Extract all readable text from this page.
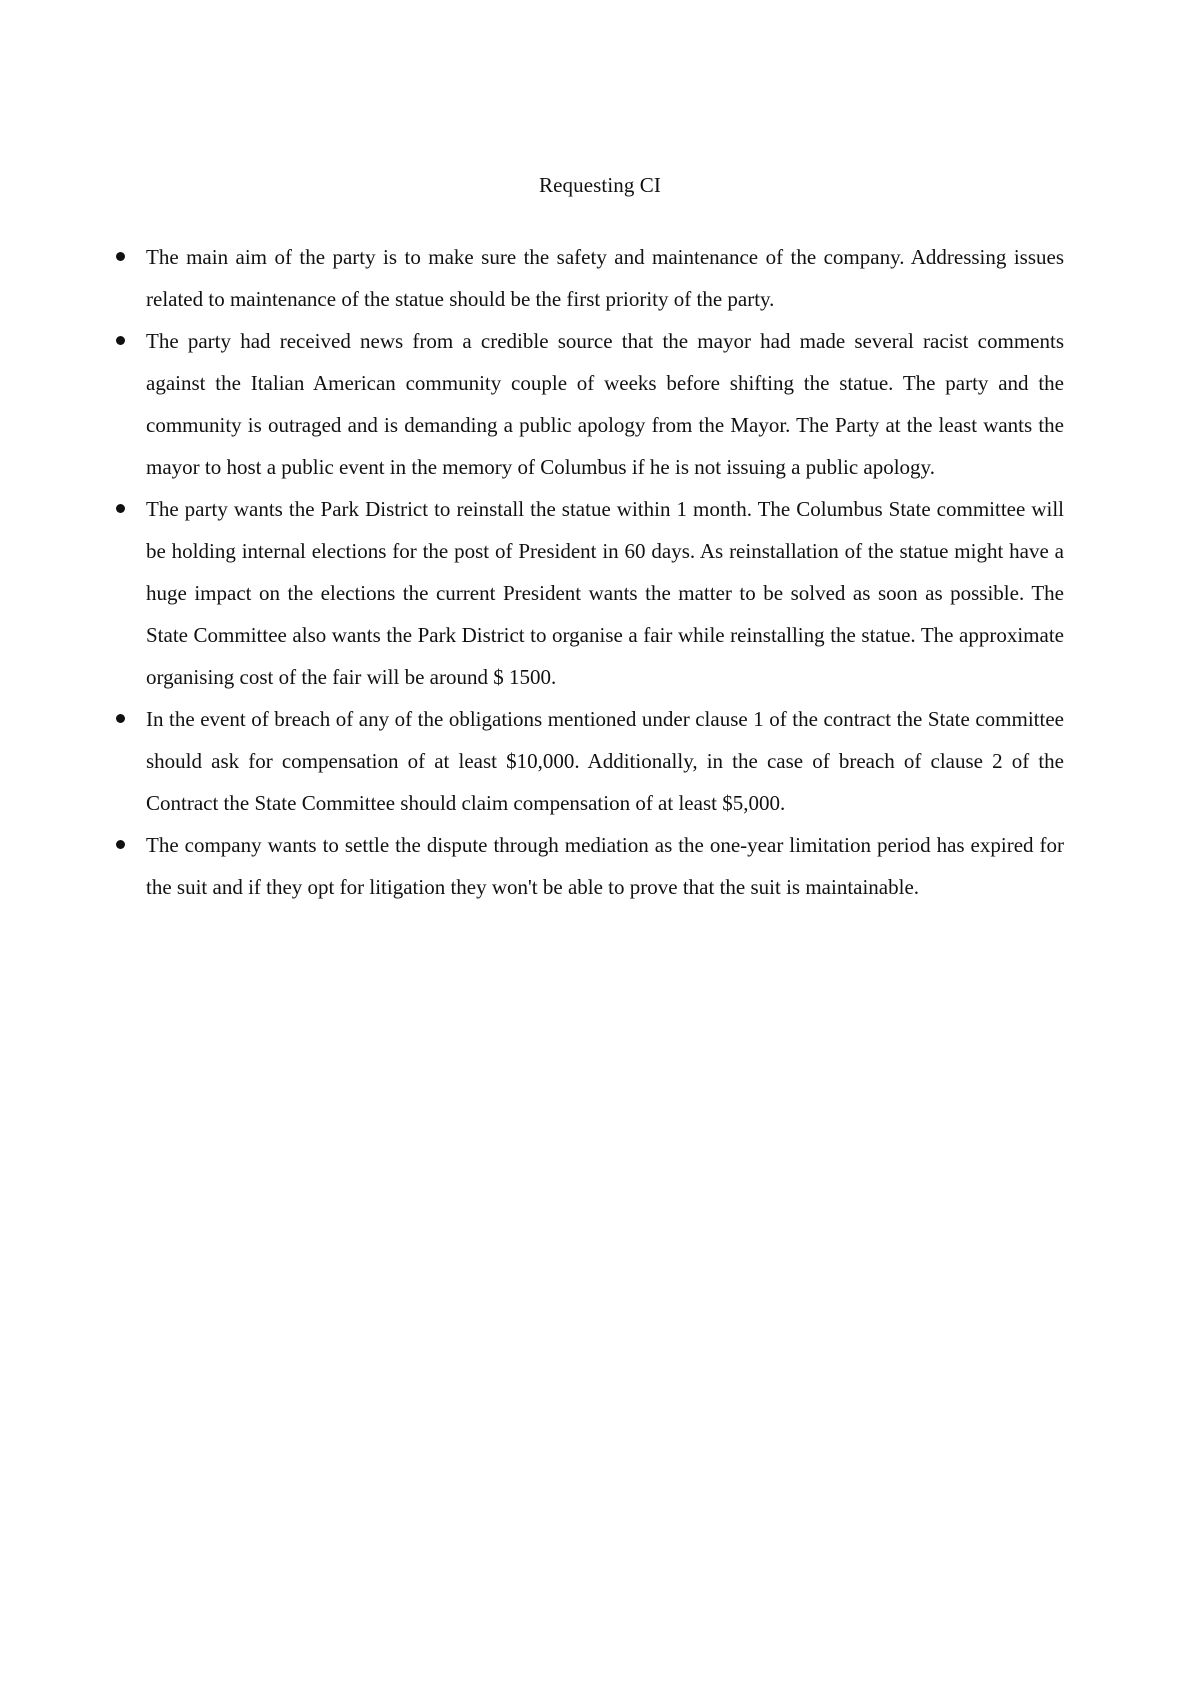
Requesting CI
The main aim of the party is to make sure the safety and maintenance of the company. Addressing issues related to maintenance of the statue should be the first priority of the party.
The party had received news from a credible source that the mayor had made several racist comments against the Italian American community couple of weeks before shifting the statue. The party and the community is outraged and is demanding a public apology from the Mayor. The Party at the least wants the mayor to host a public event in the memory of Columbus if he is not issuing a public apology.
The party wants the Park District to reinstall the statue within 1 month. The Columbus State committee will be holding internal elections for the post of President in 60 days. As reinstallation of the statue might have a huge impact on the elections the current President wants the matter to be solved as soon as possible. The State Committee also wants the Park District to organise a fair while reinstalling the statue. The approximate organising cost of the fair will be around $ 1500.
In the event of breach of any of the obligations mentioned under clause 1 of the contract the State committee should ask for compensation of at least $10,000. Additionally, in the case of breach of clause 2 of the Contract the State Committee should claim compensation of at least $5,000.
The company wants to settle the dispute through mediation as the one-year limitation period has expired for the suit and if they opt for litigation they won't be able to prove that the suit is maintainable.
